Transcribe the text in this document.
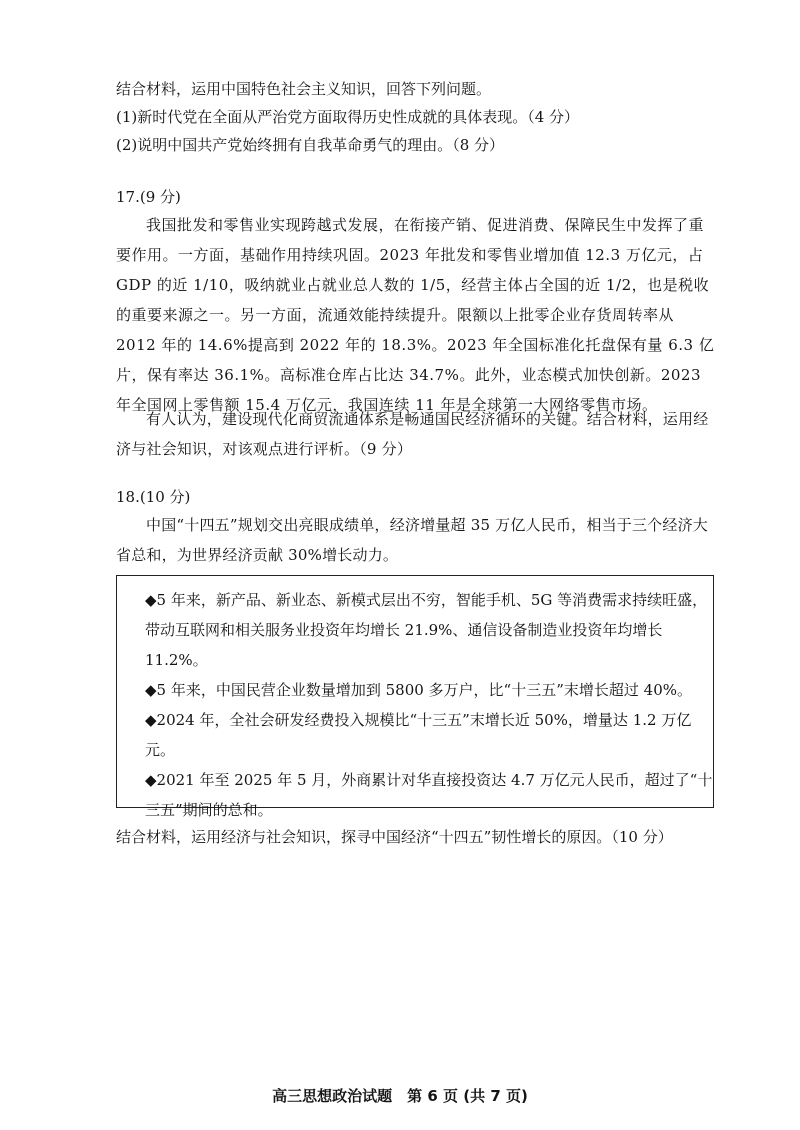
结合材料，运用中国特色社会主义知识，回答下列问题。

(1)新时代党在全面从严治党方面取得历史性成就的具体表现。（4 分）

(2)说明中国共产党始终拥有自我革命勇气的理由。（8 分）

17.(9 分)

我国批发和零售业实现跨越式发展，在衔接产销、促进消费、保障民生中发挥了重要作用。一方面，基础作用持续巩固。2023 年批发和零售业增加值 12.3 万亿元，占 GDP 的近 1/10，吸纳就业占就业总人数的 1/5，经营主体占全国的近 1/2，也是税收的重要来源之一。另一方面，流通效能持续提升。限额以上批零企业存货周转率从 2012 年的 14.6%提高到 2022 年的 18.3%。2023 年全国标准化托盘保有量 6.3 亿片，保有率达 36.1%。高标准仓库占比达 34.7%。此外，业态模式加快创新。2023 年全国网上零售额 15.4 万亿元，我国连续 11 年是全球第一大网络零售市场。

有人认为，建设现代化商贸流通体系是畅通国民经济循环的关键。结合材料，运用经济与社会知识，对该观点进行评析。（9 分）

18.(10 分)

中国“十四五”规划交出亮眼成绩单，经济增量超 35 万亿人民币，相当于三个经济大省总和，为世界经济贡献 30%增长动力。

◆5 年来，新产品、新业态、新模式层出不穷，智能手机、5G 等消费需求持续旺盛，带动互联网和相关服务业投资年均增长 21.9%、通信设备制造业投资年均增长 11.2%。

◆5 年来，中国民营企业数量增加到 5800 多万户，比“十三五”末增长超过 40%。

◆2024 年，全社会研发经费投入规模比“十三五”末增长近 50%，增量达 1.2 万亿元。

◆2021 年至 2025 年 5 月，外商累计对华直接投资达 4.7 万亿元人民币，超过了“十三五”期间的总和。

结合材料，运用经济与社会知识，探寻中国经济“十四五”韧性增长的原因。（10 分）

高三思想政治试题　第 6 页 (共 7 页)
